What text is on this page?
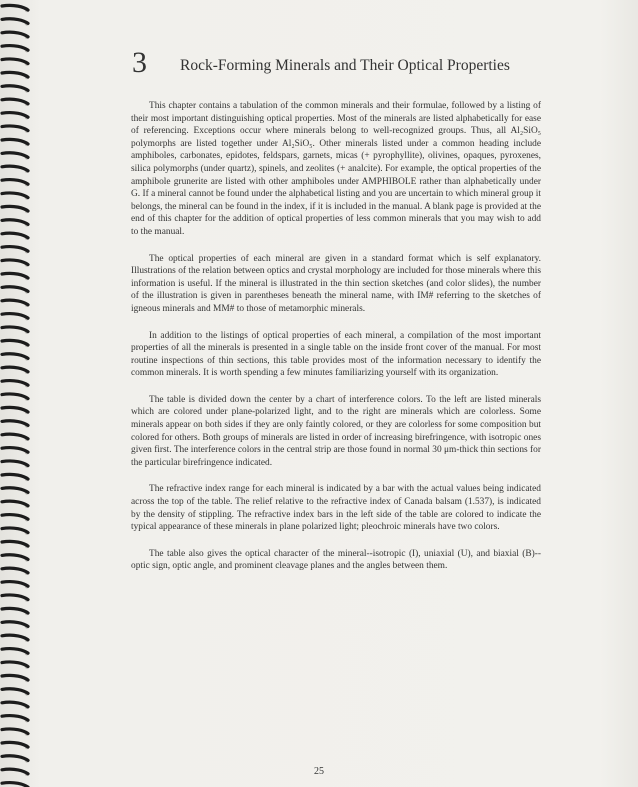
3 Rock-Forming Minerals and Their Optical Properties

This chapter contains a tabulation of the common minerals and their formulae, followed by a listing of their most important distinguishing optical properties. Most of the minerals are listed alphabetically for ease of referencing. Exceptions occur where minerals belong to well-recognized groups. Thus, all Al₂SiO₅ polymorphs are listed together under Al₂SiO₅. Other minerals listed under a common heading include amphiboles, carbonates, epidotes, feldspars, garnets, micas (+ pyrophyllite), olivines, opaques, pyroxenes, silica polymorphs (under quartz), spinels, and zeolites (+ analcite). For example, the optical properties of the amphibole grunerite are listed with other amphiboles under AMPHIBOLE rather than alphabetically under G. If a mineral cannot be found under the alphabetical listing and you are uncertain to which mineral group it belongs, the mineral can be found in the index, if it is included in the manual. A blank page is provided at the end of this chapter for the addition of optical properties of less common minerals that you may wish to add to the manual.

The optical properties of each mineral are given in a standard format which is self explanatory. Illustrations of the relation between optics and crystal morphology are included for those minerals where this information is useful. If the mineral is illustrated in the thin section sketches (and color slides), the number of the illustration is given in parentheses beneath the mineral name, with IM# referring to the sketches of igneous minerals and MM# to those of metamorphic minerals.

In addition to the listings of optical properties of each mineral, a compilation of the most important properties of all the minerals is presented in a single table on the inside front cover of the manual. For most routine inspections of thin sections, this table provides most of the information necessary to identify the common minerals. It is worth spending a few minutes familiarizing yourself with its organization.

The table is divided down the center by a chart of interference colors. To the left are listed minerals which are colored under plane-polarized light, and to the right are minerals which are colorless. Some minerals appear on both sides if they are only faintly colored, or they are colorless for some composition but colored for others. Both groups of minerals are listed in order of increasing birefringence, with isotropic ones given first. The interference colors in the central strip are those found in normal 30 μm-thick thin sections for the particular birefringence indicated.

The refractive index range for each mineral is indicated by a bar with the actual values being indicated across the top of the table. The relief relative to the refractive index of Canada balsam (1.537), is indicated by the density of stippling. The refractive index bars in the left side of the table are colored to indicate the typical appearance of these minerals in plane polarized light; pleochroic minerals have two colors.

The table also gives the optical character of the mineral--isotropic (I), uniaxial (U), and biaxial (B)--optic sign, optic angle, and prominent cleavage planes and the angles between them.

25
